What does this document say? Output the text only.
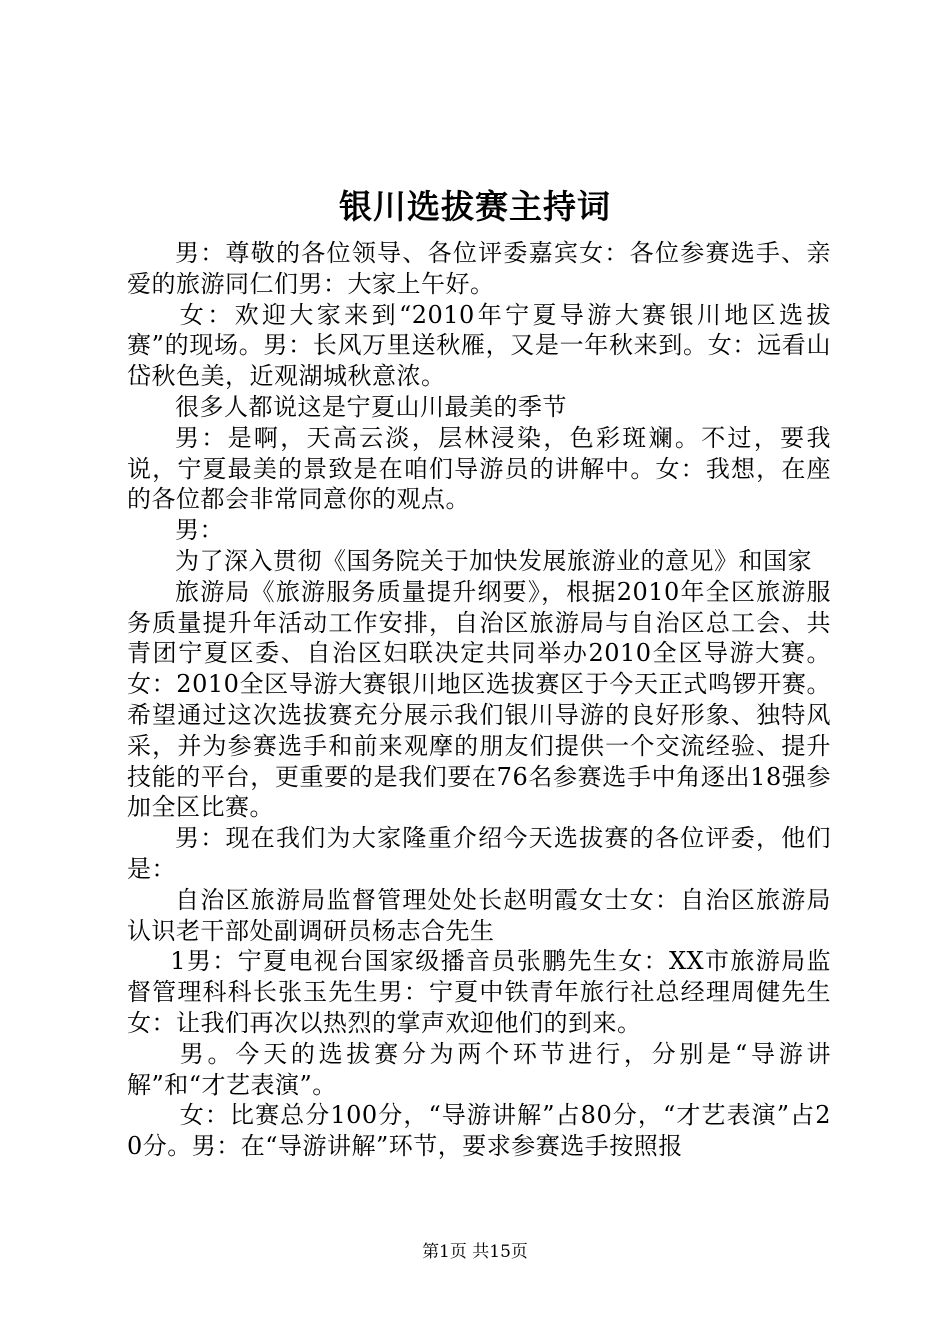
银川选拔赛主持词

男：尊敬的各位领导、各位评委嘉宾女：各位参赛选手、亲爱的旅游同仁们男：大家上午好。

女：欢迎大家来到“2010年宁夏导游大赛银川地区选拔赛”的现场。男：长风万里送秋雁，又是一年秋来到。女：远看山岱秋色美，近观湖城秋意浓。

很多人都说这是宁夏山川最美的季节

男：是啊，天高云淡，层林浸染，色彩斑斓。不过，要我说，宁夏最美的景致是在咱们导游员的讲解中。女：我想，在座的各位都会非常同意你的观点。

男：

为了深入贯彻《国务院关于加快发展旅游业的意见》和国家

旅游局《旅游服务质量提升纲要》，根据2010年全区旅游服务质量提升年活动工作安排，自治区旅游局与自治区总工会、共青团宁夏区委、自治区妇联决定共同举办2010全区导游大赛。女：2010全区导游大赛银川地区选拔赛区于今天正式鸣锣开赛。希望通过这次选拔赛充分展示我们银川导游的良好形象、独特风采，并为参赛选手和前来观摩的朋友们提供一个交流经验、提升技能的平台，更重要的是我们要在76名参赛选手中角逐出18强参加全区比赛。

男：现在我们为大家隆重介绍今天选拔赛的各位评委，他们是：

自治区旅游局监督管理处处长赵明霞女士女：自治区旅游局认识老干部处副调研员杨志合先生

1男：宁夏电视台国家级播音员张鹏先生女：XX市旅游局监督管理科科长张玉先生男：宁夏中铁青年旅行社总经理周健先生女：让我们再次以热烈的掌声欢迎他们的到来。

男。今天的选拔赛分为两个环节进行，分别是“导游讲解”和“才艺表演”。

女：比赛总分100分，“导游讲解”占80分，“才艺表演”占20分。男：在“导游讲解”环节，要求参赛选手按照报

第1页 共15页
